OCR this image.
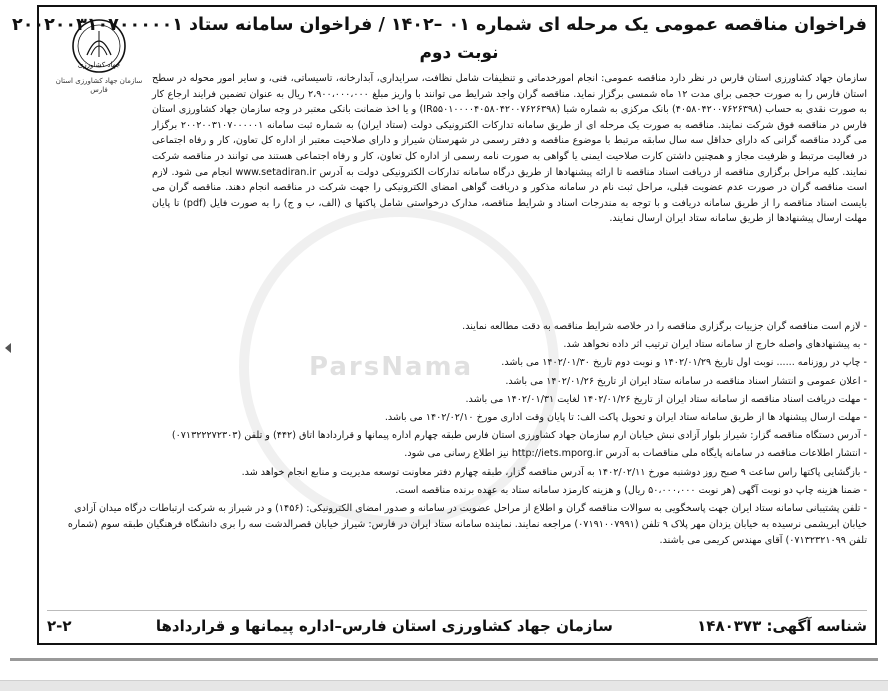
ParsNama
جهاد کشاورزی
سازمان جهاد کشاورزی استان فارس
فراخوان مناقصه عمومی یک مرحله ای شماره ۰۱ –۱۴۰۲ / فراخوان سامانه ستاد ۲۰۰۲۰۰۳۱۰۷۰۰۰۰۰۱
نوبت دوم

سازمان جهاد کشاورزی استان فارس در نظر دارد مناقصه عمومی: انجام امورخدماتی و تنظیفات شامل نظافت، سرایداری، آبدارخانه، تاسیساتی، فنی، و سایر امور محوله در سطح استان فارس را به صورت حجمی برای مدت ۱۲ ماه شمسی برگزار نماید. مناقصه گران واجد شرایط می توانند با واریز مبلغ ۲،۹۰۰،۰۰۰،۰۰۰ ریال به عنوان تضمین فرایند ارجاع کار به صورت نقدی به حساب (۴۰۵۸۰۴۲۰۰۷۶۲۶۳۹۸) بانک مرکزی به شماره شبا (IR۵۵۰۱۰۰۰۰۴۰۵۸۰۴۲۰۰۷۶۲۶۳۹۸) و یا اخذ ضمانت بانکی معتبر در وجه سازمان جهاد کشاورزی استان فارس در مناقصه فوق شرکت نمایند. مناقصه به صورت یک مرحله ای از طریق سامانه تدارکات الکترونیکی دولت (ستاد ایران) به شماره ثبت سامانه ۲۰۰۲۰۰۳۱۰۷۰۰۰۰۰۱ برگزار می گردد مناقصه گرانی که دارای حداقل سه سال سابقه مرتبط با موضوع مناقصه و دفتر رسمی در شهرستان شیراز و دارای صلاحیت معتبر از اداره کل تعاون، کار و رفاه اجتماعی در فعالیت مرتبط و ظرفیت مجاز و همچنین داشتن کارت صلاحیت ایمنی یا گواهی به صورت نامه رسمی از اداره کل تعاون، کار و رفاه اجتماعی هستند می توانند در مناقصه شرکت نمایند. کلیه مراحل برگزاری مناقصه از دریافت اسناد مناقصه تا ارائه پیشنهادها از طریق درگاه سامانه تدارکات الکترونیکی دولت به آدرس www.setadiran.ir انجام می شود. لازم است مناقصه گران در صورت عدم عضویت قبلی، مراحل ثبت نام در سامانه مذکور و دریافت گواهی امضای الکترونیکی را جهت شرکت در مناقصه انجام دهند. مناقصه گران می بایست اسناد مناقصه را از طریق سامانه دریافت و با توجه به مندرجات اسناد و شرایط مناقصه، مدارک درخواستی شامل پاکتها ی (الف، ب و ج) را به صورت فایل (pdf) تا پایان مهلت ارسال پیشنهادها از طریق سامانه ستاد ایران ارسال نمایند.

- لازم است مناقصه گران جزییات برگزاری مناقصه را در خلاصه شرایط مناقصه به دقت مطالعه نمایند.
- به پیشنهادهای واصله خارج از سامانه ستاد ایران ترتیب اثر داده نخواهد شد.
- چاپ در روزنامه ...... نوبت اول تاریخ ۱۴۰۲/۰۱/۲۹ و نوبت دوم تاریخ ۱۴۰۲/۰۱/۳۰ می باشد.
- اعلان عمومی و انتشار اسناد مناقصه در سامانه ستاد ایران از تاریخ ۱۴۰۲/۰۱/۲۶ می باشد.
- مهلت دریافت اسناد مناقصه از سامانه ستاد ایران از تاریخ ۱۴۰۲/۰۱/۲۶ لغایت ۱۴۰۲/۰۱/۳۱ می باشد.
- مهلت ارسال پیشنهاد ها از طریق سامانه ستاد ایران و تحویل پاکت الف: تا پایان وقت اداری مورخ ۱۴۰۲/۰۲/۱۰ می باشد.
- آدرس دستگاه مناقصه گزار: شیراز بلوار آزادی نبش خیابان ارم سازمان جهاد کشاورزی استان فارس طبقه چهارم اداره پیمانها و قراردادها اتاق (۴۴۲) و تلفن (۰۷۱۳۲۲۲۷۲۳۰۳)
- انتشار اطلاعات مناقصه در سامانه پایگاه ملی مناقصات به آدرس http://iets.mporg.ir نیز اطلاع رسانی می شود.
- بازگشایی پاکتها راس ساعت ۹ صبح روز دوشنبه مورخ ۱۴۰۲/۰۲/۱۱ به آدرس مناقصه گزار، طبقه چهارم دفتر معاونت توسعه مدیریت و منابع انجام خواهد شد.
- ضمنا هزینه چاپ دو نوبت آگهی (هر نوبت ۵۰،۰۰۰،۰۰۰ ریال) و هزینه کارمزد سامانه ستاد به عهده برنده مناقصه است.
- تلفن پشتیبانی سامانه ستاد ایران جهت پاسخگویی به سوالات مناقصه گران و اطلاع از مراحل عضویت در سامانه و صدور امضای الکترونیکی: (۱۴۵۶) و در شیراز به شرکت ارتباطات درگاه میدان آزادی خیابان ابریشمی نرسیده به خیابان یزدان مهر پلاک ۹ تلفن (۰۷۱۹۱۰۰۷۹۹۱) مراجعه نمایند. نماینده سامانه ستاد ایران در فارس: شیراز خیابان قصرالدشت سه را بری دانشگاه فرهنگیان طبقه سوم (شماره تلفن ۰۷۱۳۲۳۲۱۰۹۹) آقای مهندس کریمی می باشند.
شناسه آگهی: ۱۴۸۰۳۷۳
سازمان جهاد کشاورزی استان فارس–اداره پیمانها و قراردادها
۲-۲
